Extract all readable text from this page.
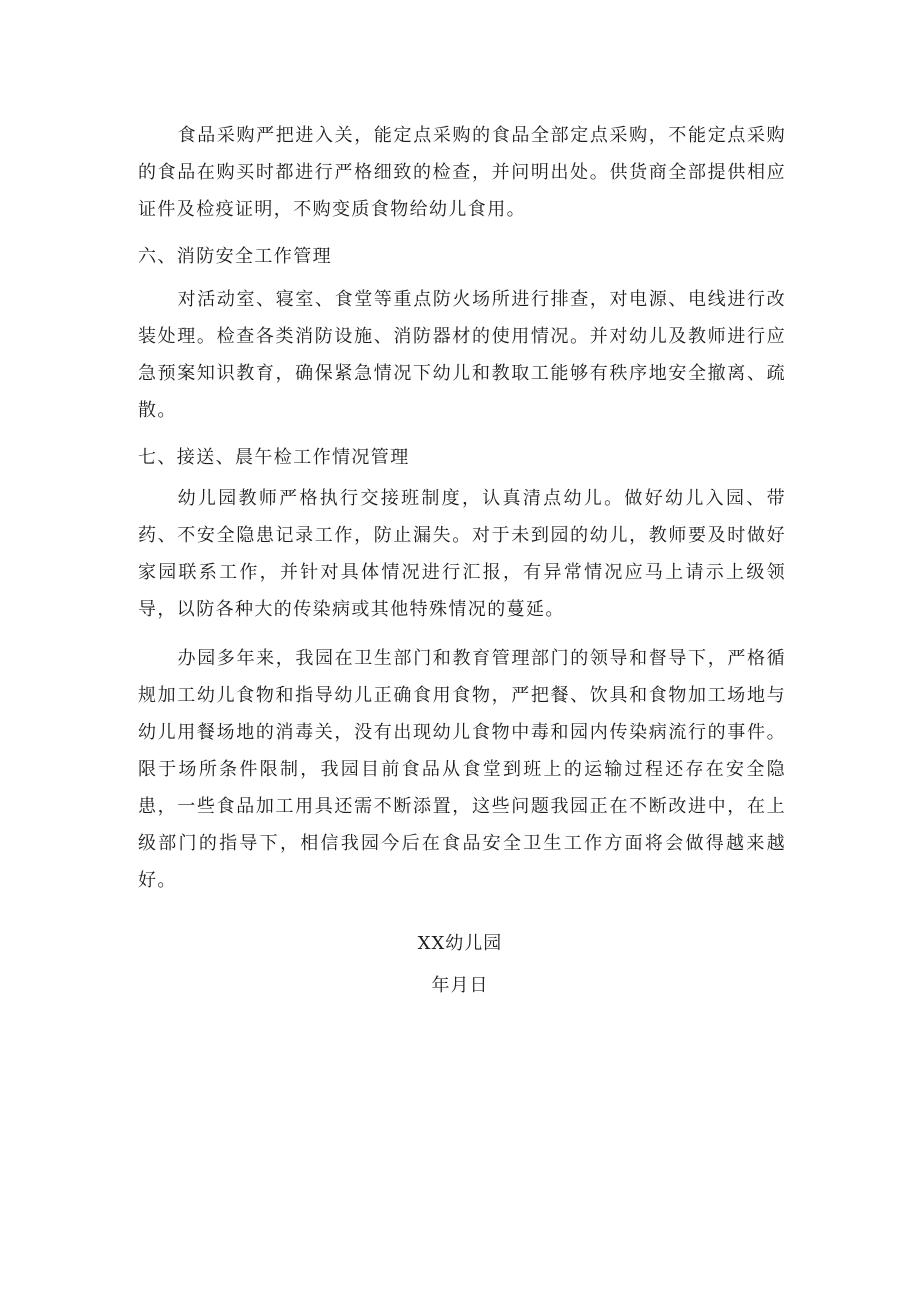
食品采购严把进入关，能定点采购的食品全部定点采购，不能定点采购的食品在购买时都进行严格细致的检查，并问明出处。供货商全部提供相应证件及检疫证明，不购变质食物给幼儿食用。

六、消防安全工作管理

对活动室、寝室、食堂等重点防火场所进行排查，对电源、电线进行改装处理。检查各类消防设施、消防器材的使用情况。并对幼儿及教师进行应急预案知识教育，确保紧急情况下幼儿和教取工能够有秩序地安全撤离、疏散。

七、接送、晨午检工作情况管理

幼儿园教师严格执行交接班制度，认真清点幼儿。做好幼儿入园、带药、不安全隐患记录工作，防止漏失。对于未到园的幼儿，教师要及时做好家园联系工作，并针对具体情况进行汇报，有异常情况应马上请示上级领导，以防各种大的传染病或其他特殊情况的蔓延。

办园多年来，我园在卫生部门和教育管理部门的领导和督导下，严格循规加工幼儿食物和指导幼儿正确食用食物，严把餐、饮具和食物加工场地与幼儿用餐场地的消毒关，没有出现幼儿食物中毒和园内传染病流行的事件。限于场所条件限制，我园目前食品从食堂到班上的运输过程还存在安全隐患，一些食品加工用具还需不断添置，这些问题我园正在不断改进中，在上级部门的指导下，相信我园今后在食品安全卫生工作方面将会做得越来越好。

XX幼儿园

年月日
